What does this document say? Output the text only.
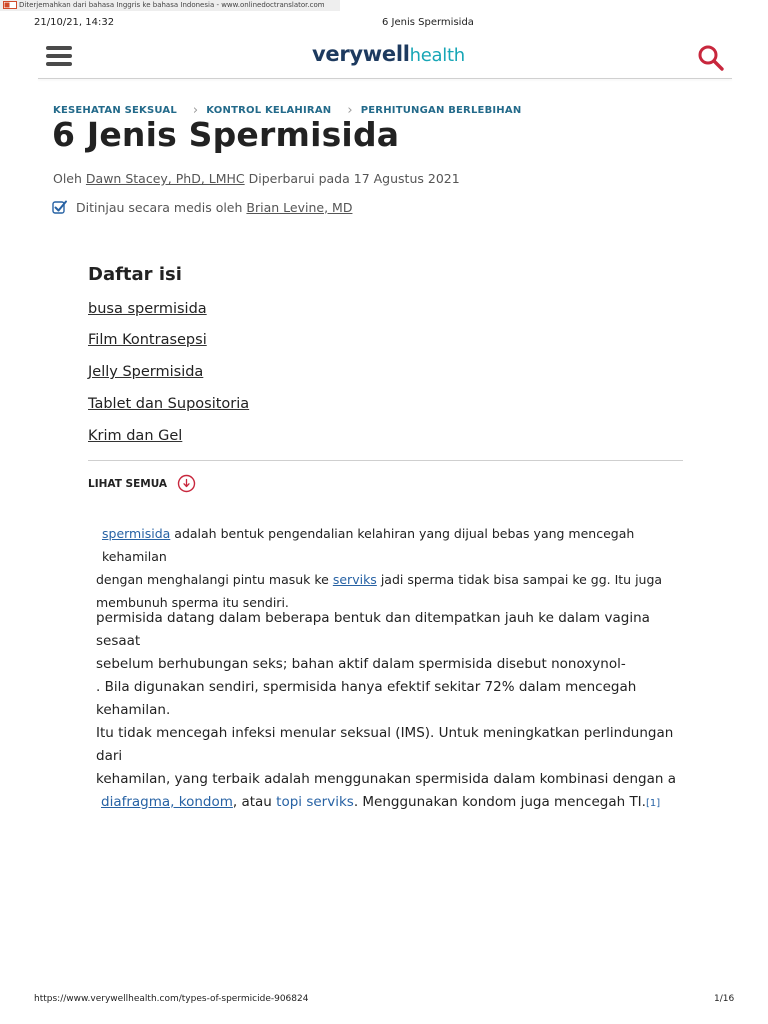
Diterjemahkan dari bahasa Inggris ke bahasa Indonesia - www.onlinedoctranslator.com
21/10/21, 14:32	6 Jenis Spermisida
verywellhealth
KESEHATAN SEKSUAL › KONTROL KELAHIRAN › PERHITUNGAN BERLEBIHAN
6 Jenis Spermisida
Oleh Dawn Stacey, PhD, LMHC Diperbarui pada 17 Agustus 2021
Ditinjau secara medis oleh
Brian Levine, MD
Daftar isi
busa spermisida
Film Kontrasepsi
Jelly Spermisida
Tablet dan Supositoria
Krim dan Gel
LIHAT SEMUA
spermisida adalah bentuk pengendalian kelahiran yang dijual bebas yang mencegah kehamilan
dengan menghalangi pintu masuk ke serviks jadi sperma tidak bisa sampai ke gg. Itu juga
membunuh sperma itu sendiri.
permisida datang dalam beberapa bentuk dan ditempatkan jauh ke dalam vagina sesaat
sebelum berhubungan seks; bahan aktif dalam spermisida disebut nonoxynol-
. Bila digunakan sendiri, spermisida hanya efektif sekitar 72% dalam mencegah kehamilan.
Itu tidak mencegah infeksi menular seksual (IMS). Untuk meningkatkan perlindungan dari
kehamilan, yang terbaik adalah menggunakan spermisida dalam kombinasi dengan a
diafragma, kondom, atau topi serviks. Menggunakan kondom juga mencegah TI.[1]
https://www.verywellhealth.com/types-of-spermicide-906824	1/16
